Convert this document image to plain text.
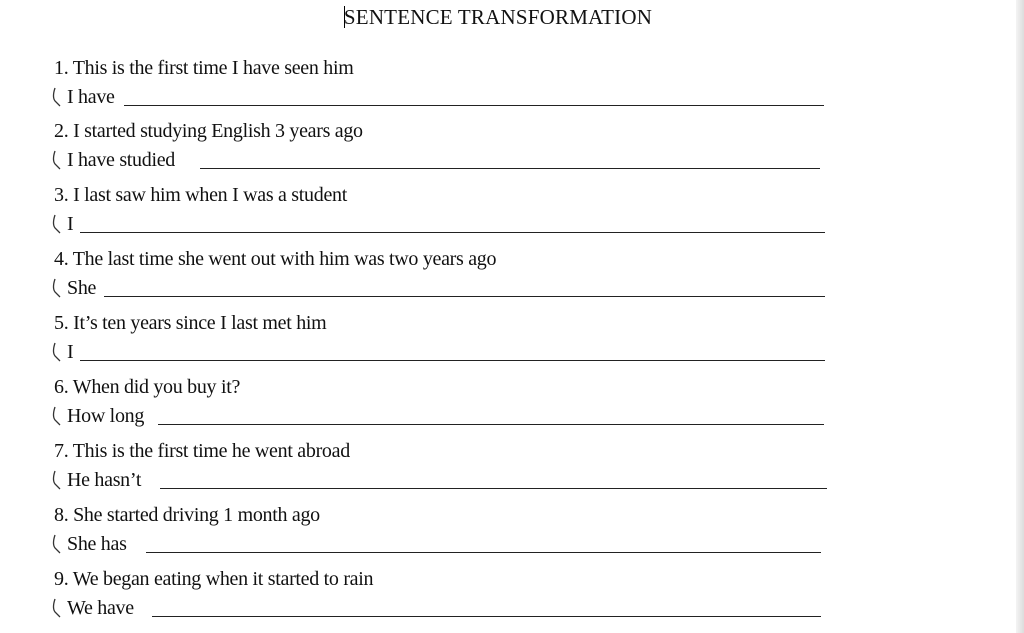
SENTENCE TRANSFORMATION
1. This is the first time I have seen him
I have
2. I started studying English 3 years ago
I have studied
3. I last saw him when I was a student
I
4. The last time she went out with him was two years ago
She
5. It’s ten years since I last met him
I
6. When did you buy it?
How long
7. This is the first time he went abroad
He hasn’t
8. She started driving 1 month ago
She has
9. We began eating when it started to rain
We have
